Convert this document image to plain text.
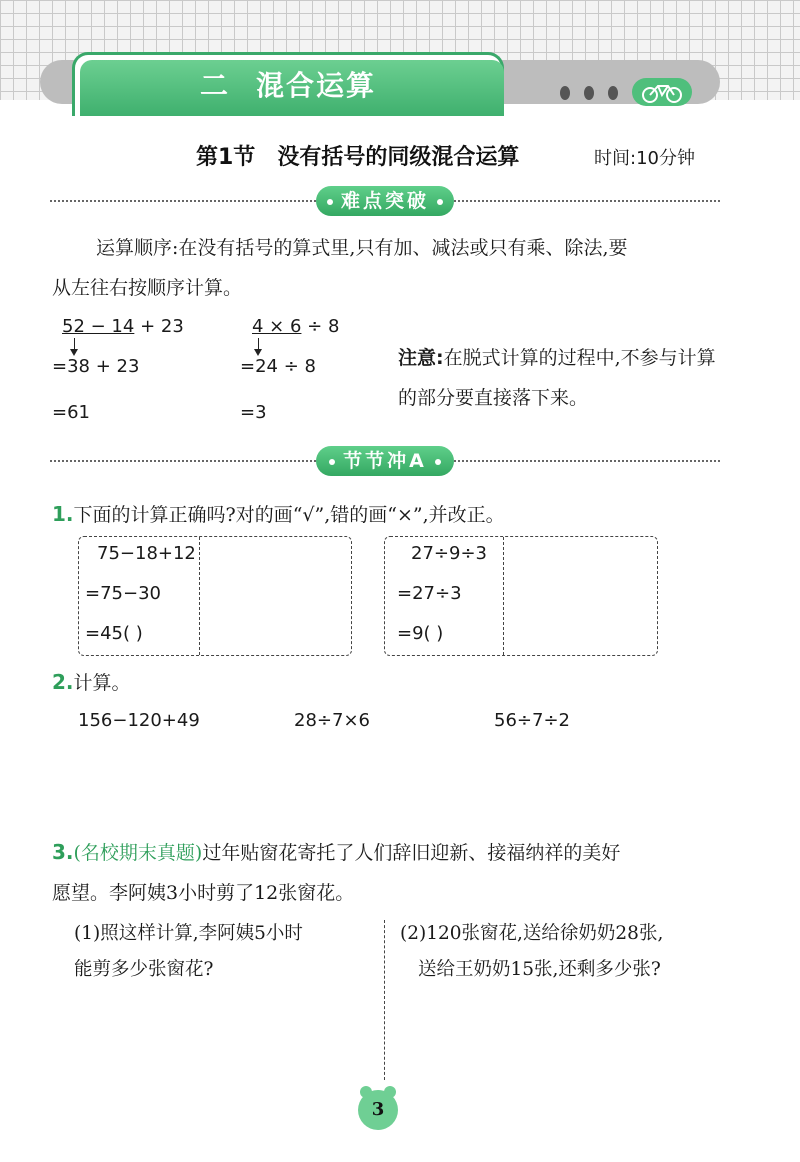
二 混合运算
第1节 没有括号的同级混合运算	时间:10分钟
难点突破
运算顺序:在没有括号的算式里,只有加、减法或只有乘、除法,要
从左往右按顺序计算。
52 − 14 + 23
=38 + 23
=61
4 × 6 ÷ 8
=24 ÷ 8
=3
注意:在脱式计算的过程中,不参与计算的部分要直接落下来。
节节冲A
1.下面的计算正确吗?对的画“√”,错的画“×”,并改正。
75−18+12
=75−30
=45( )
27÷9÷3
=27÷3
=9( )
2.计算。
156−120+49	28÷7×6	56÷7÷2
3.(名校期末真题)过年贴窗花寄托了人们辞旧迎新、接福纳祥的美好
愿望。李阿姨3小时剪了12张窗花。
(1)照这样计算,李阿姨5小时
能剪多少张窗花?
(2)120张窗花,送给徐奶奶28张,
送给王奶奶15张,还剩多少张?
3
